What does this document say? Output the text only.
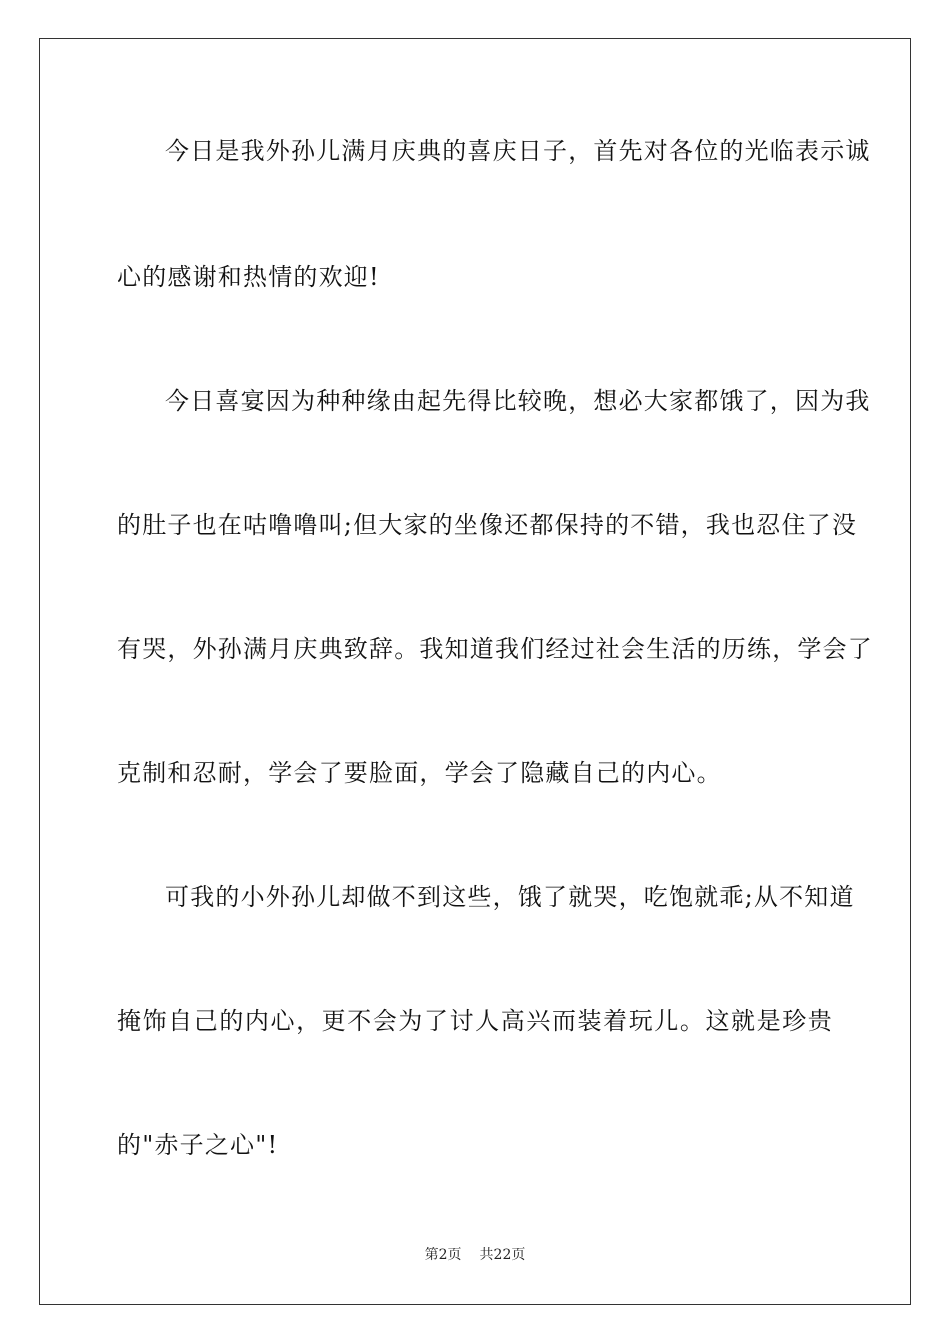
今日是我外孙儿满月庆典的喜庆日子，首先对各位的光临表示诚
心的感谢和热情的欢迎!
今日喜宴因为种种缘由起先得比较晚，想必大家都饿了，因为我
的肚子也在咕噜噜叫;但大家的坐像还都保持的不错，我也忍住了没
有哭，外孙满月庆典致辞。我知道我们经过社会生活的历练，学会了
克制和忍耐，学会了要脸面，学会了隐藏自己的内心。
可我的小外孙儿却做不到这些，饿了就哭，吃饱就乖;从不知道
掩饰自己的内心，更不会为了讨人高兴而装着玩儿。这就是珍贵
的"赤子之心"!
第2页 共22页
